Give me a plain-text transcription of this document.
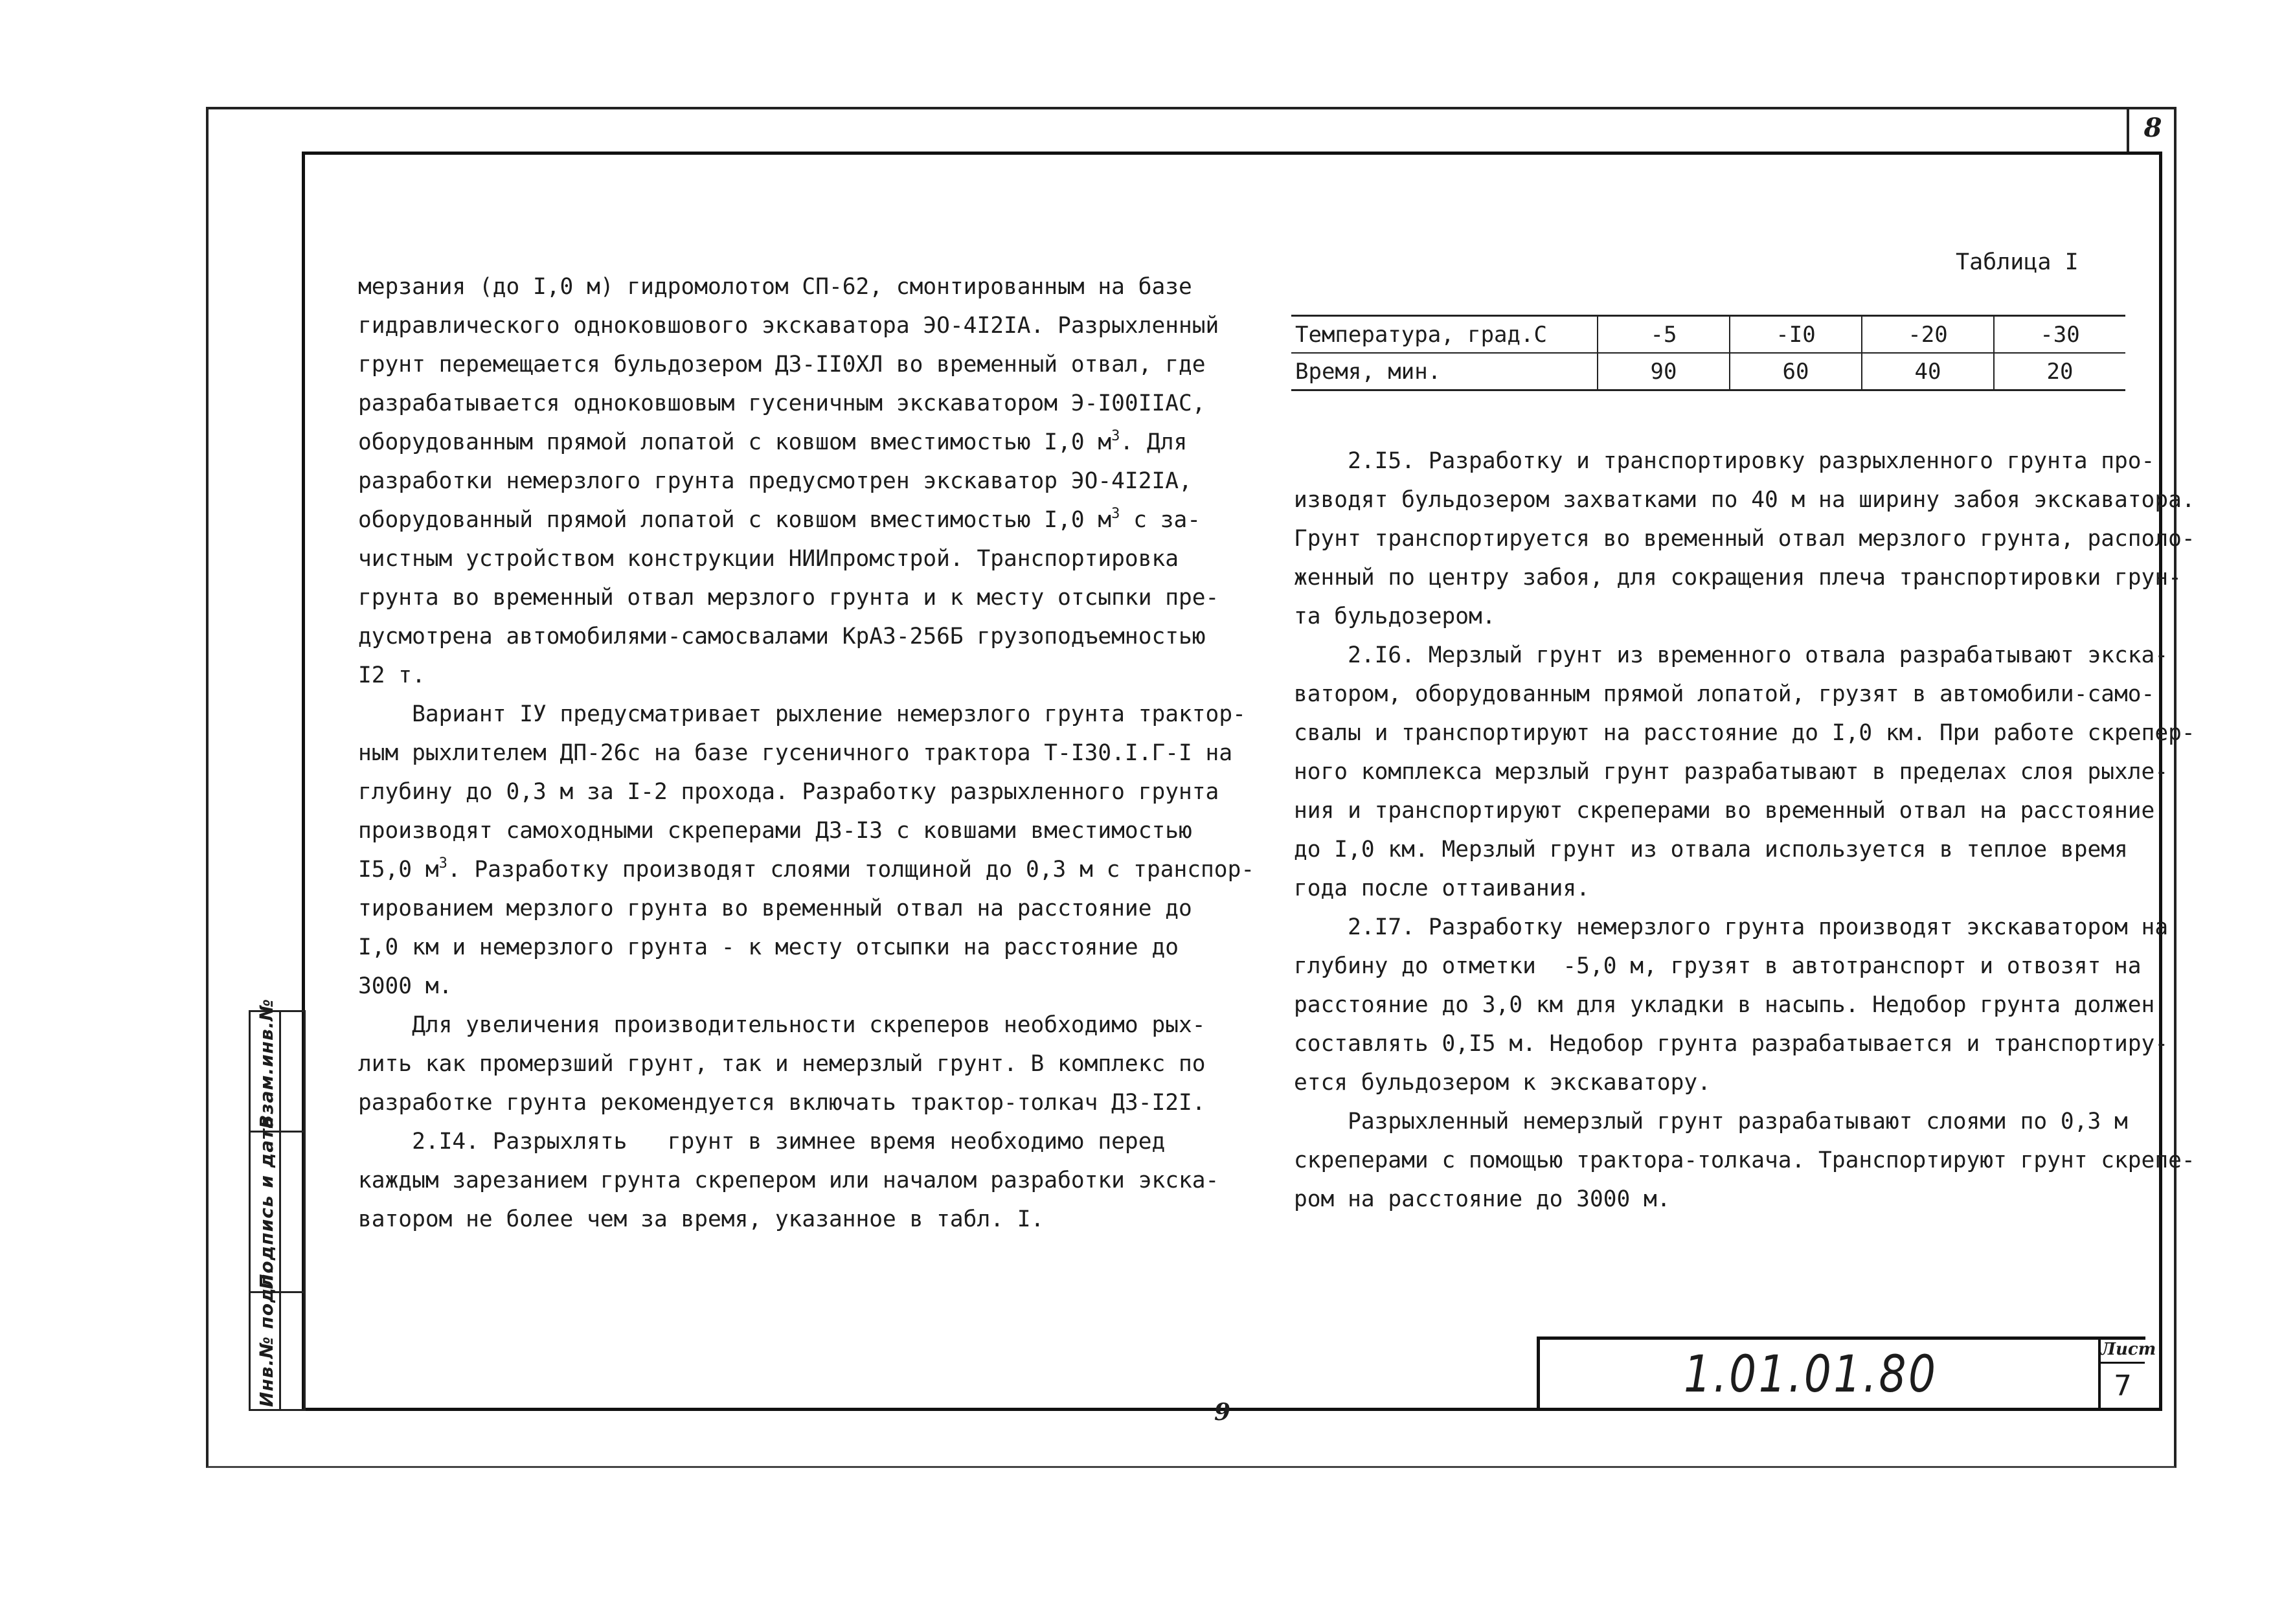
8

мерзания (до I,0 м) гидромолотом СП-62, смонтированным на базе

гидравлического одноковшового экскаватора ЭО-4I2IА. Разрыхленный

грунт перемещается бульдозером ДЗ-II0ХЛ во временный отвал, где

разрабатывается одноковшовым гусеничным экскаватором Э-I00IIАС,

оборудованным прямой лопатой с ковшом вместимостью I,0 $м^3$. Для

разработки немерзлого грунта предусмотрен экскаватор ЭО-4I2IА,

оборудованный прямой лопатой с ковшом вместимостью I,0 $м^3$ с за-

чистным устройством конструкции НИИпромстрой. Транспортировка

грунта во временный отвал мерзлого грунта и к месту отсыпки пре-

дусмотрена автомобилями-самосвалами КрАЗ-256Б грузоподъемностью

I2 т.

Вариант IУ предусматривает рыхление немерзлого грунта трактор-

ным рыхлителем ДП-26с на базе гусеничного трактора Т-I30.I.Г-I на

глубину до 0,3 м за I-2 прохода. Разработку разрыхленного грунта

производят самоходными скреперами ДЗ-I3 с ковшами вместимостью

I5,0 $м^3$. Разработку производят слоями толщиной до 0,3 м с транспор-

тированием мерзлого грунта во временный отвал на расстояние до

I,0 км и немерзлого грунта - к месту отсыпки на расстояние до

3000 м.

Для увеличения производительности скреперов необходимо рых-

лить как промерзший грунт, так и немерзлый грунт. В комплекс по

разработке грунта рекомендуется включать трактор-толкач ДЗ-I2I.

2.I4. Разрыхлять   грунт в зимнее время необходимо перед

каждым зарезанием грунта скрепером или началом разработки экска-

ватором не более чем за время, указанное в табл. I.

Таблица I
Температура, град.С	-5	-I0	-20	-30
Время, мин.	90	60	40	20

2.I5. Разработку и транспортировку разрыхленного грунта про-

изводят бульдозером захватками по 40 м на ширину забоя экскаватора.

Грунт транспортируется во временный отвал мерзлого грунта, располо-

женный по центру забоя, для сокращения плеча транспортировки грун-

та бульдозером.

2.I6. Мерзлый грунт из временного отвала разрабатывают экска-

ватором, оборудованным прямой лопатой, грузят в автомобили-само-

свалы и транспортируют на расстояние до I,0 км. При работе скрепер-

ного комплекса мерзлый грунт разрабатывают в пределах слоя рыхле-

ния и транспортируют скреперами во временный отвал на расстояние

до I,0 км. Мерзлый грунт из отвала используется в теплое время

года после оттаивания.

2.I7. Разработку немерзлого грунта производят экскаватором на

глубину до отметки  -5,0 м, грузят в автотранспорт и отвозят на

расстояние до 3,0 км для укладки в насыпь. Недобор грунта должен

составлять 0,I5 м. Недобор грунта разрабатывается и транспортиру-

ется бульдозером к экскаватору.

Разрыхленный немерзлый грунт разрабатывают слоями по 0,3 м

скреперами с помощью трактора-толкача. Транспортируют грунт скрепе-

ром на расстояние до 3000 м.

Взам.инв.№
Подпись и дата
Инв.№ подл.	1.01.01.80	Лист
7
9
